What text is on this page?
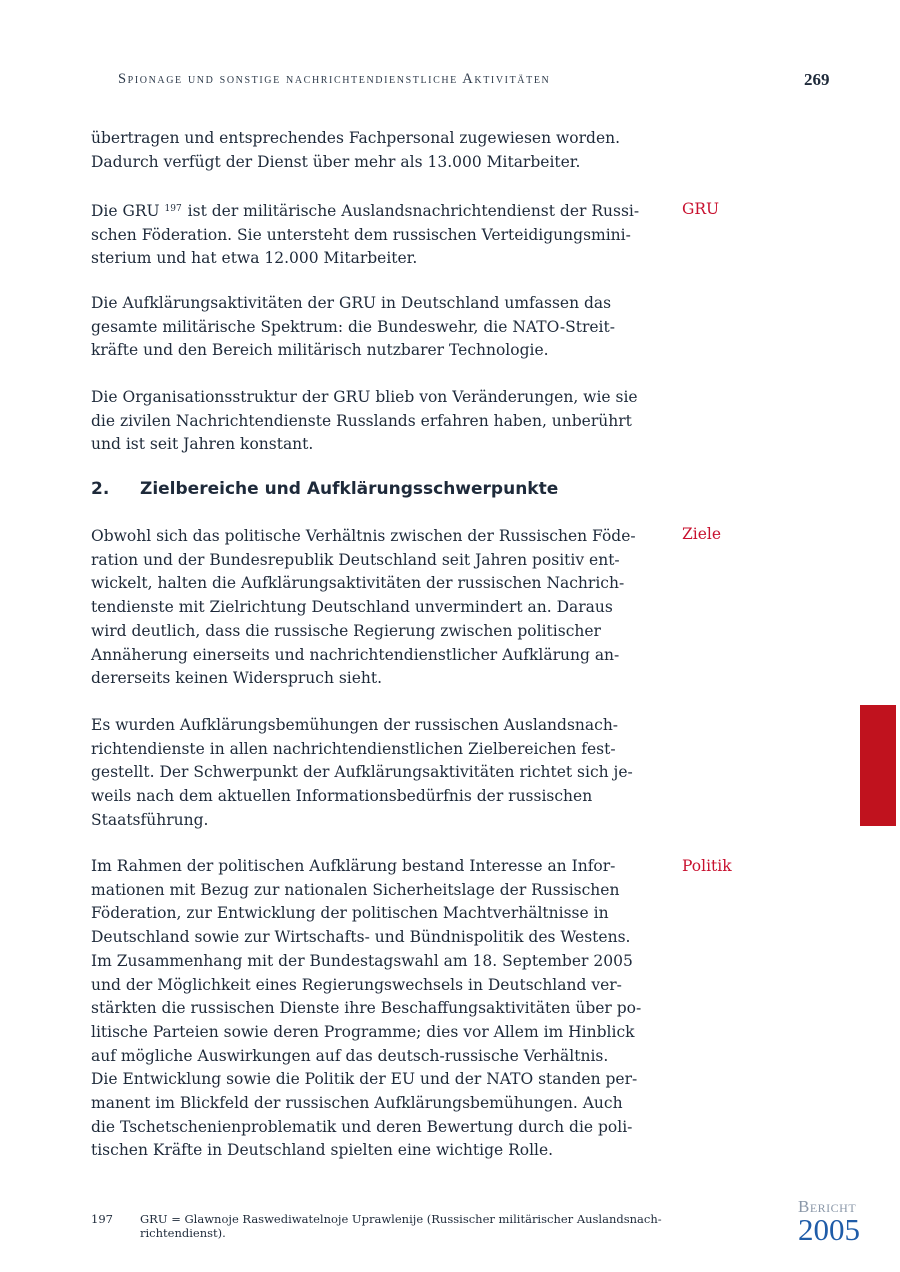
Spionage und sonstige nachrichtendienstliche Aktivitäten	269
übertragen und entsprechendes Fachpersonal zugewiesen worden.
Dadurch verfügt der Dienst über mehr als 13.000 Mitarbeiter.
Die GRU $^{197}$ ist der militärische Auslandsnachrichtendienst der Russi-
schen Föderation. Sie untersteht dem russischen Verteidigungsmini-
sterium und hat etwa 12.000 Mitarbeiter.
GRU
Die Aufklärungsaktivitäten der GRU in Deutschland umfassen das
gesamte militärische Spektrum: die Bundeswehr, die NATO-Streit-
kräfte und den Bereich militärisch nutzbarer Technologie.
Die Organisationsstruktur der GRU blieb von Veränderungen, wie sie
die zivilen Nachrichtendienste Russlands erfahren haben, unberührt
und ist seit Jahren konstant.
2. Zielbereiche und Aufklärungsschwerpunkte
Obwohl sich das politische Verhältnis zwischen der Russischen Föde-
ration und der Bundesrepublik Deutschland seit Jahren positiv ent-
wickelt, halten die Aufklärungsaktivitäten der russischen Nachrich-
tendienste mit Zielrichtung Deutschland unvermindert an. Daraus
wird deutlich, dass die russische Regierung zwischen politischer
Annäherung einerseits und nachrichtendienstlicher Aufklärung an-
dererseits keinen Widerspruch sieht.
Ziele
Es wurden Aufklärungsbemühungen der russischen Auslandsnach-
richtendienste in allen nachrichtendienstlichen Zielbereichen fest-
gestellt. Der Schwerpunkt der Aufklärungsaktivitäten richtet sich je-
weils nach dem aktuellen Informationsbedürfnis der russischen
Staatsführung.
Im Rahmen der politischen Aufklärung bestand Interesse an Infor-
mationen mit Bezug zur nationalen Sicherheitslage der Russischen
Föderation, zur Entwicklung der politischen Machtverhältnisse in
Deutschland sowie zur Wirtschafts- und Bündnispolitik des Westens.
Im Zusammenhang mit der Bundestagswahl am 18. September 2005
und der Möglichkeit eines Regierungswechsels in Deutschland ver-
stärkten die russischen Dienste ihre Beschaffungsaktivitäten über po-
litische Parteien sowie deren Programme; dies vor Allem im Hinblick
auf mögliche Auswirkungen auf das deutsch-russische Verhältnis.
Die Entwicklung sowie die Politik der EU und der NATO standen per-
manent im Blickfeld der russischen Aufklärungsbemühungen. Auch
die Tschetschenienproblematik und deren Bewertung durch die poli-
tischen Kräfte in Deutschland spielten eine wichtige Rolle.
Politik
197 GRU = Glawnoje Raswediwatelnoje Uprawlenije (Russischer militärischer Auslandsnach-
richtendienst).
Bericht
2005
